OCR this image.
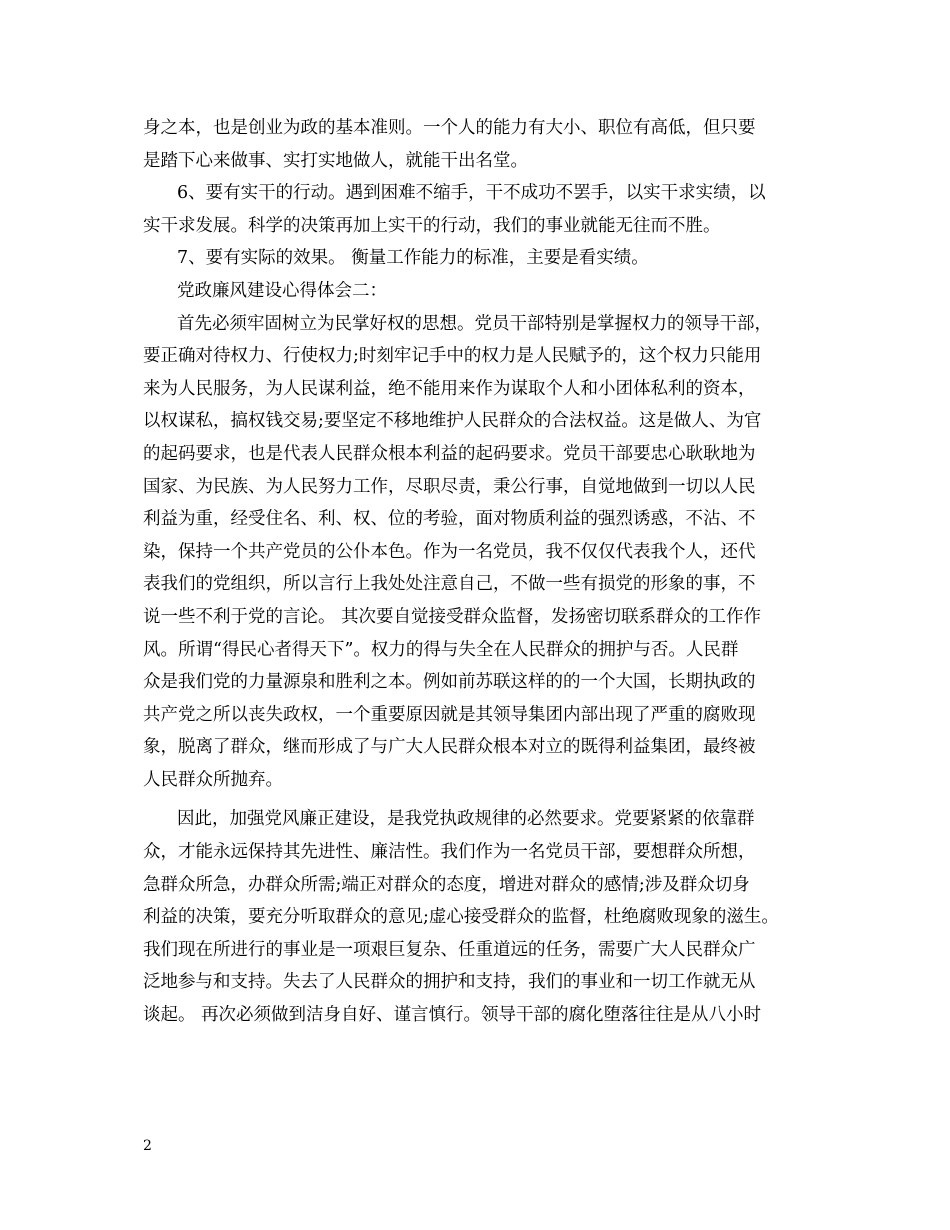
身之本，也是创业为政的基本准则。一个人的能力有大小、职位有高低，但只要
是踏下心来做事、实打实地做人，就能干出名堂。
6、要有实干的行动。遇到困难不缩手，干不成功不罢手，以实干求实绩，以
实干求发展。科学的决策再加上实干的行动，我们的事业就能无往而不胜。
7、要有实际的效果。 衡量工作能力的标准，主要是看实绩。
党政廉风建设心得体会二：
首先必须牢固树立为民掌好权的思想。党员干部特别是掌握权力的领导干部，
要正确对待权力、行使权力;时刻牢记手中的权力是人民赋予的，这个权力只能用
来为人民服务，为人民谋利益，绝不能用来作为谋取个人和小团体私利的资本，
以权谋私，搞权钱交易;要坚定不移地维护人民群众的合法权益。这是做人、为官
的起码要求，也是代表人民群众根本利益的起码要求。党员干部要忠心耿耿地为
国家、为民族、为人民努力工作，尽职尽责，秉公行事，自觉地做到一切以人民
利益为重，经受住名、利、权、位的考验，面对物质利益的强烈诱惑，不沾、不
染，保持一个共产党员的公仆本色。作为一名党员，我不仅仅代表我个人，还代
表我们的党组织，所以言行上我处处注意自己，不做一些有损党的形象的事，不
说一些不利于党的言论。 其次要自觉接受群众监督，发扬密切联系群众的工作作
风。所谓“得民心者得天下”。权力的得与失全在人民群众的拥护与否。人民群
众是我们党的力量源泉和胜利之本。例如前苏联这样的的一个大国，长期执政的
共产党之所以丧失政权，一个重要原因就是其领导集团内部出现了严重的腐败现
象，脱离了群众，继而形成了与广大人民群众根本对立的既得利益集团，最终被
人民群众所抛弃。
因此，加强党风廉正建设，是我党执政规律的必然要求。党要紧紧的依靠群
众，才能永远保持其先进性、廉洁性。我们作为一名党员干部，要想群众所想，
急群众所急，办群众所需;端正对群众的态度，增进对群众的感情;涉及群众切身
利益的决策，要充分听取群众的意见;虚心接受群众的监督，杜绝腐败现象的滋生。
我们现在所进行的事业是一项艰巨复杂、任重道远的任务，需要广大人民群众广
泛地参与和支持。失去了人民群众的拥护和支持，我们的事业和一切工作就无从
谈起。 再次必须做到洁身自好、谨言慎行。领导干部的腐化堕落往往是从八小时
2
